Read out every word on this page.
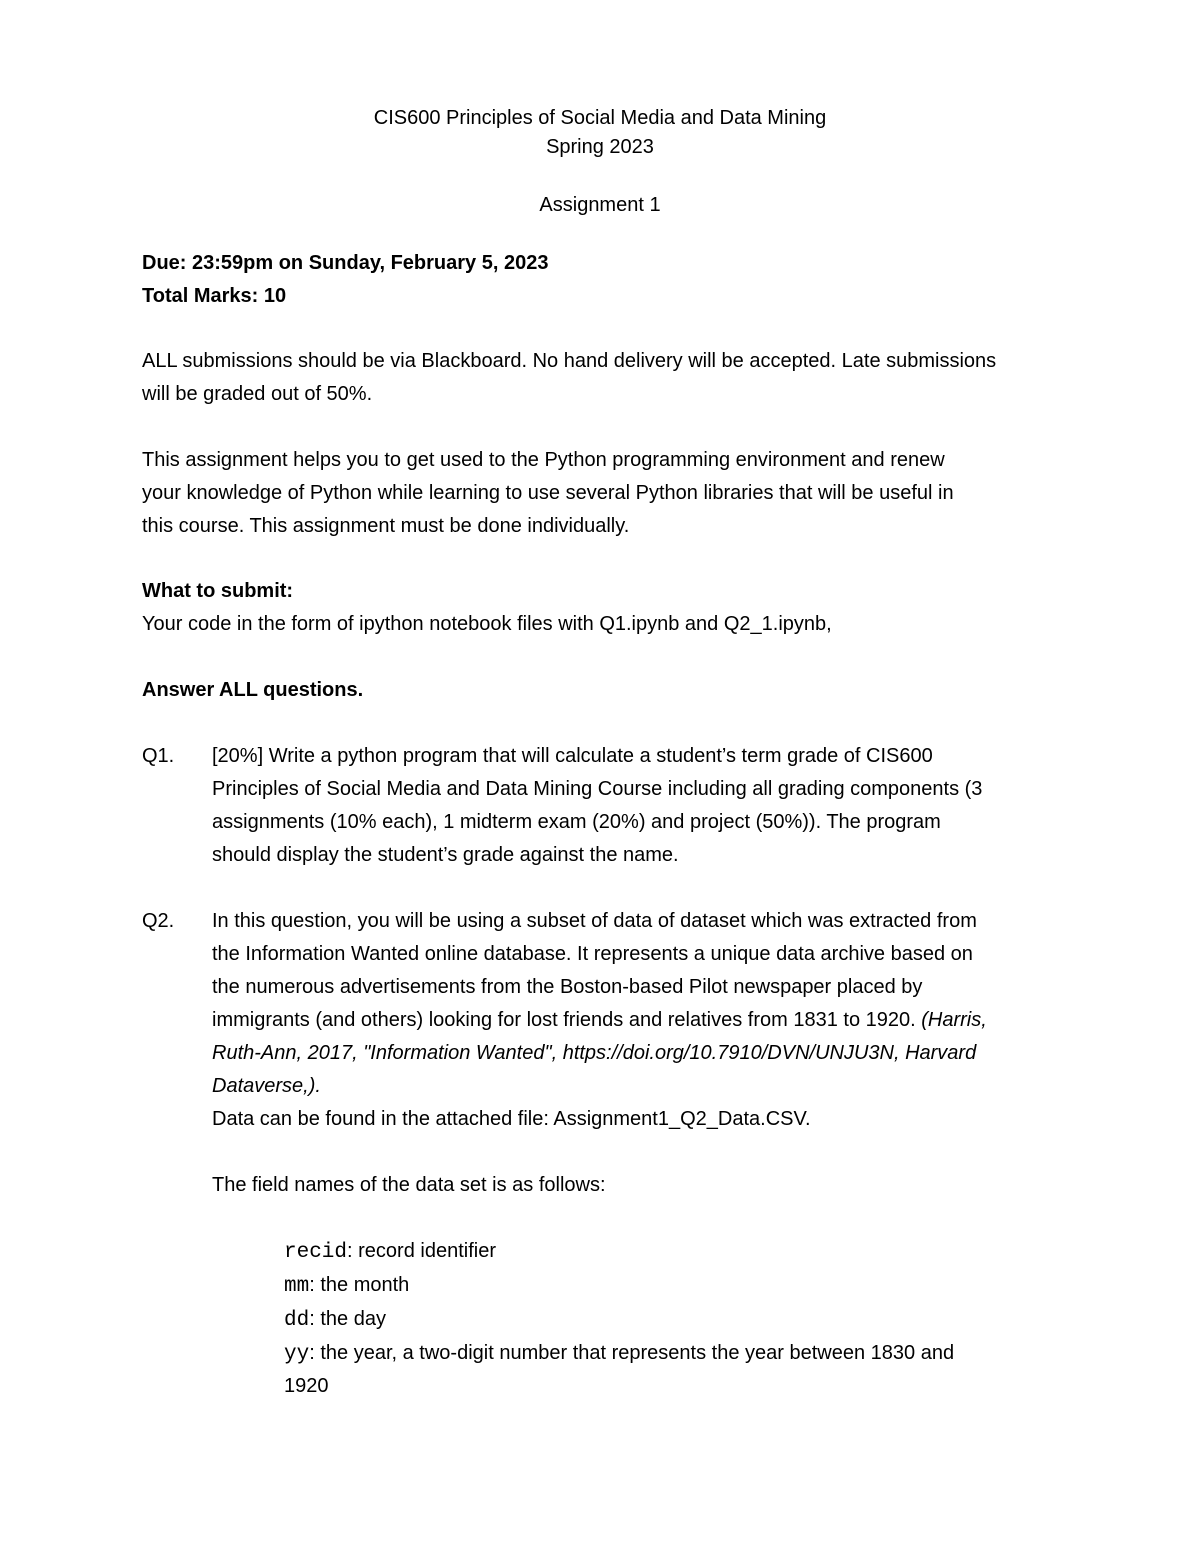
CIS600 Principles of Social Media and Data Mining
Spring 2023
Assignment 1
Due: 23:59pm on Sunday, February 5, 2023
Total Marks: 10
ALL submissions should be via Blackboard. No hand delivery will be accepted. Late submissions
will be graded out of 50%.
This assignment helps you to get used to the Python programming environment and renew
your knowledge of Python while learning to use several Python libraries that will be useful in
this course. This assignment must be done individually.
What to submit:
Your code in the form of ipython notebook files with Q1.ipynb and Q2_1.ipynb,
Answer ALL questions.
Q1. [20%] Write a python program that will calculate a student’s term grade of CIS600
Principles of Social Media and Data Mining Course including all grading components (3
assignments (10% each), 1 midterm exam (20%) and project (50%)). The program
should display the student’s grade against the name.
Q2. In this question, you will be using a subset of data of dataset which was extracted from
the Information Wanted online database. It represents a unique data archive based on
the numerous advertisements from the Boston-based Pilot newspaper placed by
immigrants (and others) looking for lost friends and relatives from 1831 to 1920. (Harris,
Ruth-Ann, 2017, "Information Wanted", https://doi.org/10.7910/DVN/UNJU3N, Harvard
Dataverse,).
Data can be found in the attached file: Assignment1_Q2_Data.CSV.
The field names of the data set is as follows:
recid: record identifier
mm: the month
dd: the day
yy: the year, a two-digit number that represents the year between 1830 and
1920
